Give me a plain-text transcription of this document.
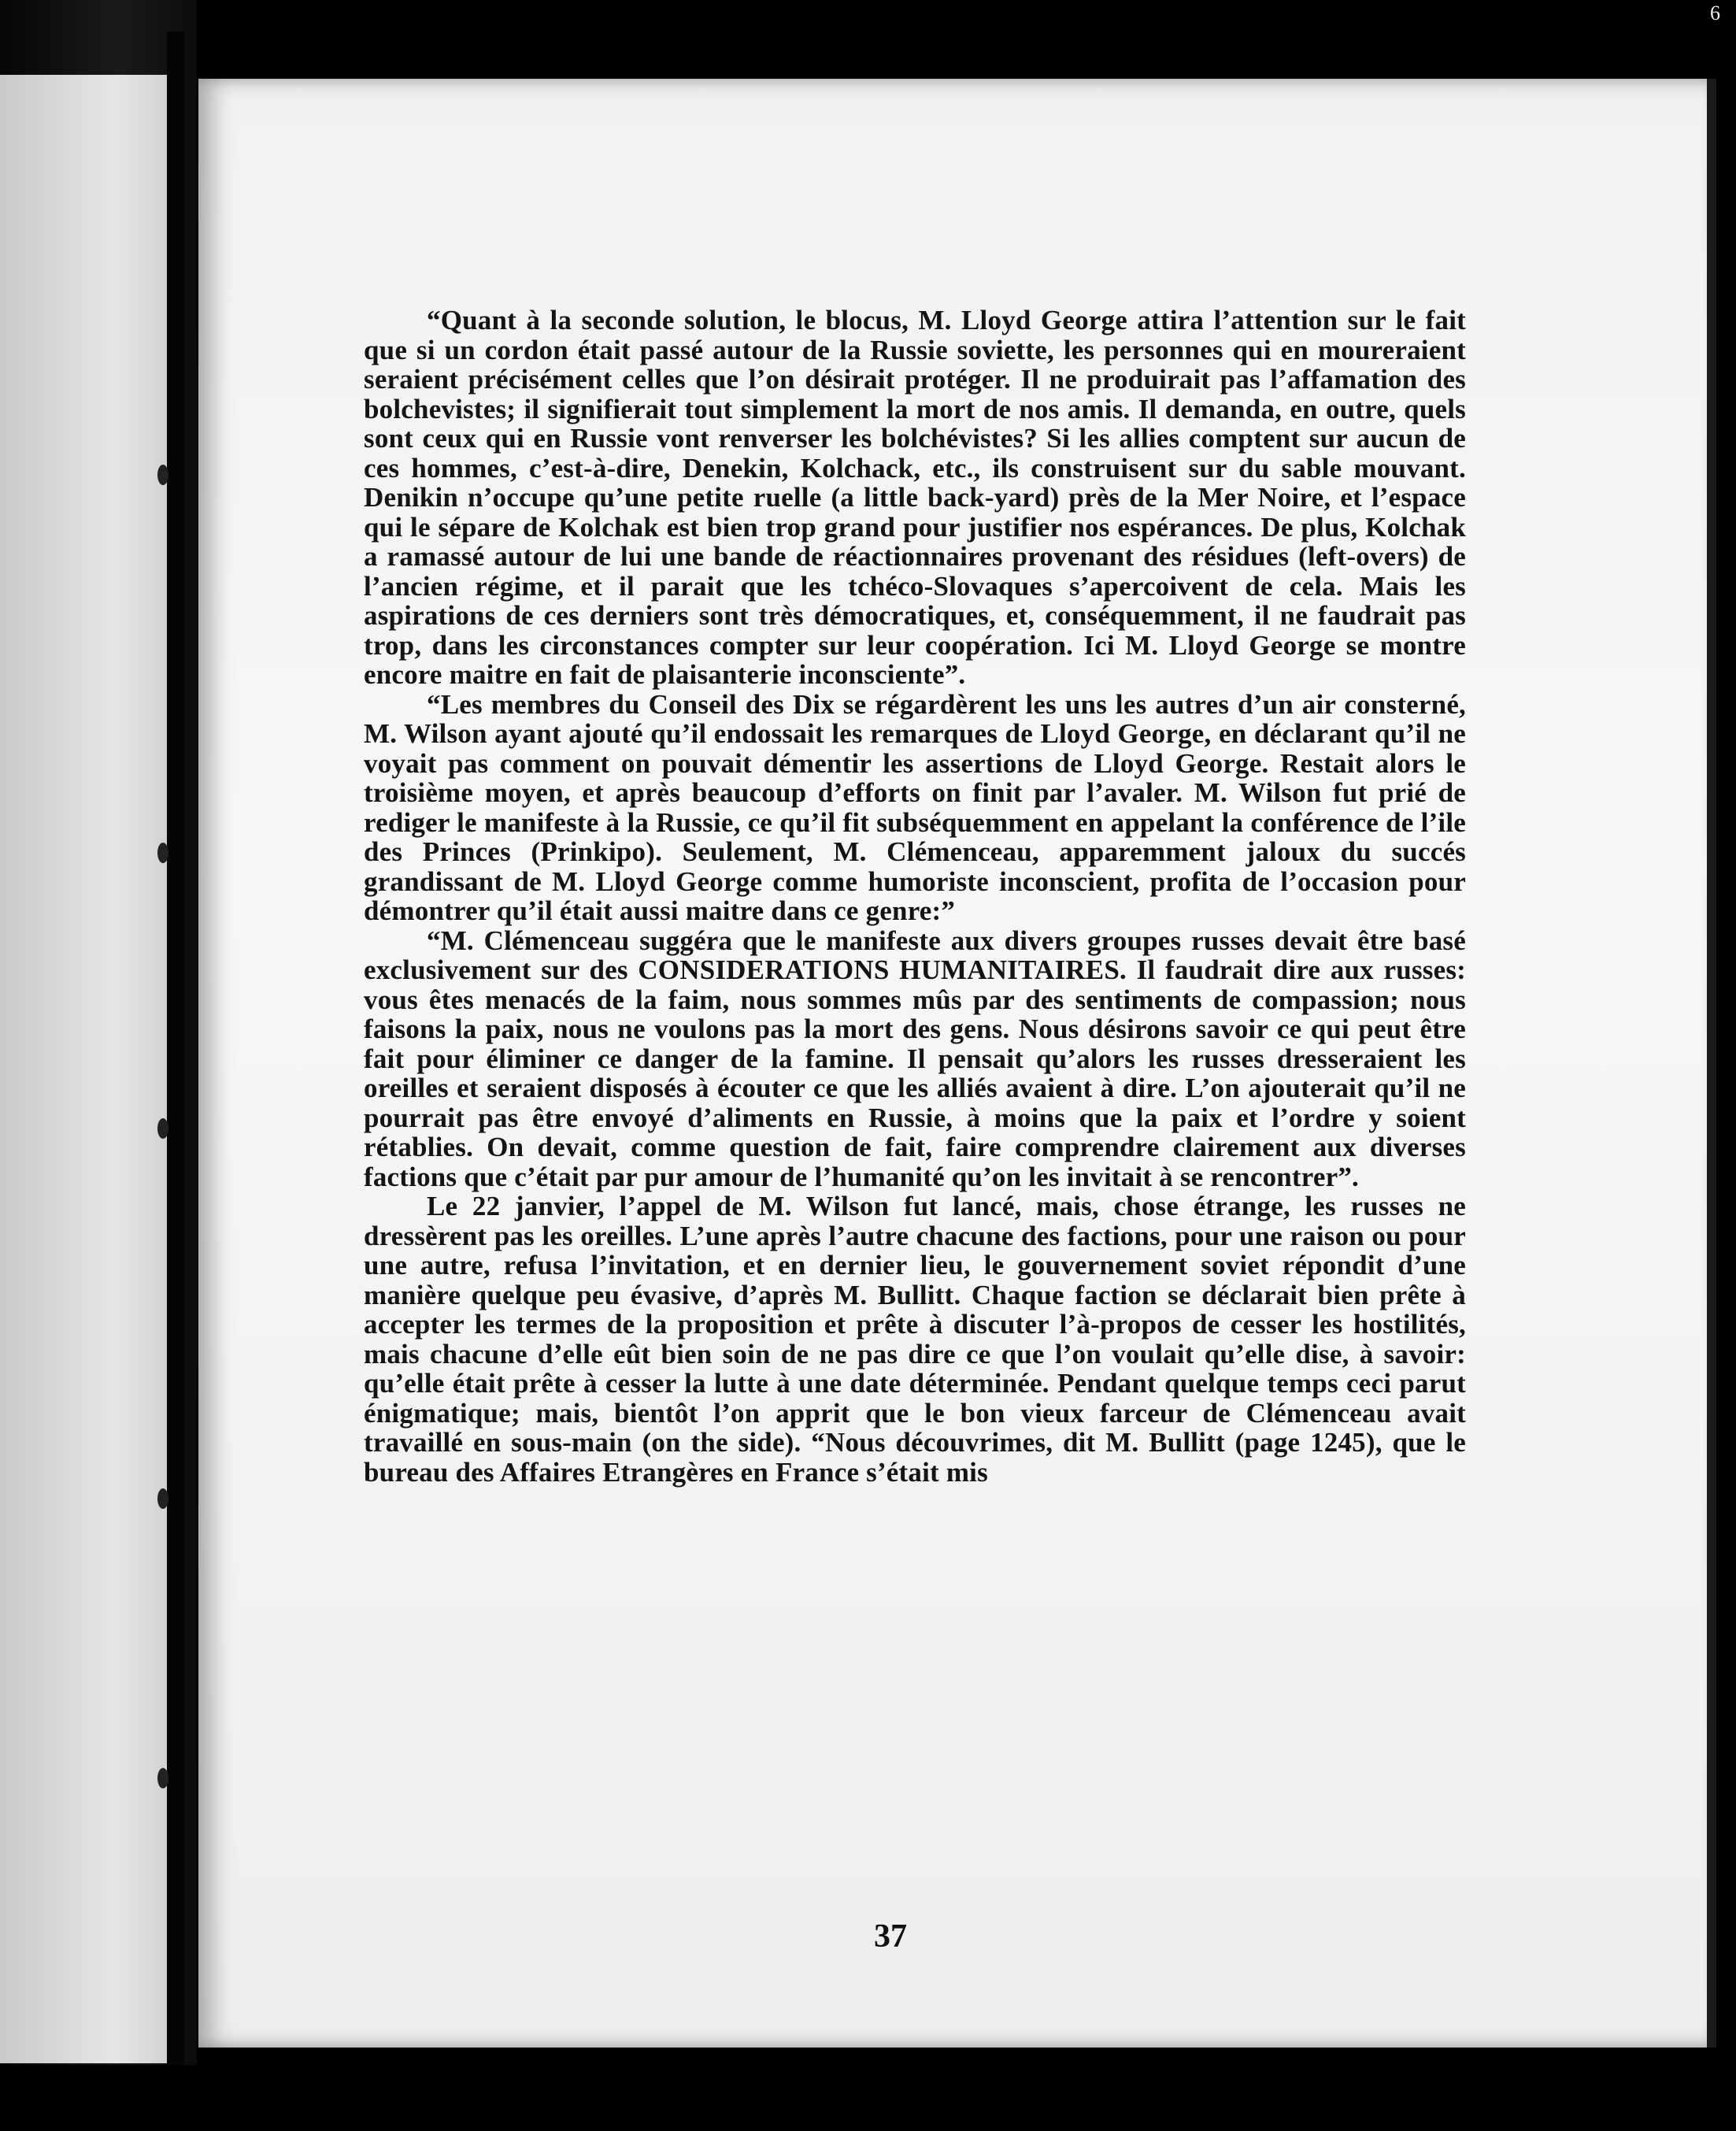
6

“Quant à la seconde solution, le blocus, M. Lloyd George attira l’attention sur le fait que si un cordon était passé autour de la Russie soviette, les personnes qui en moureraient seraient précisément celles que l’on désirait protéger. Il ne produirait pas l’affamation des bolchevistes; il signifierait tout simplement la mort de nos amis. Il demanda, en outre, quels sont ceux qui en Russie vont renverser les bolchévistes? Si les allies comptent sur aucun de ces hommes, c’est-à-dire, Denekin, Kolchack, etc., ils construisent sur du sable mouvant. Denikin n’occupe qu’une petite ruelle (a little back-yard) près de la Mer Noire, et l’espace qui le sépare de Kolchak est bien trop grand pour justifier nos espérances. De plus, Kolchak a ramassé autour de lui une bande de réactionnaires provenant des résidues (left-overs) de l’ancien régime, et il parait que les tchéco-Slovaques s’apercoivent de cela. Mais les aspirations de ces derniers sont très démocratiques, et, conséquemment, il ne faudrait pas trop, dans les circonstances compter sur leur coopération. Ici M. Lloyd George se montre encore maitre en fait de plaisanterie inconsciente”.

“Les membres du Conseil des Dix se régardèrent les uns les autres d’un air consterné, M. Wilson ayant ajouté qu’il endossait les remarques de Lloyd George, en déclarant qu’il ne voyait pas comment on pouvait démentir les assertions de Lloyd George. Restait alors le troisième moyen, et après beaucoup d’efforts on finit par l’avaler. M. Wilson fut prié de rediger le manifeste à la Russie, ce qu’il fit subséquemment en appelant la conférence de l’ile des Princes (Prinkipo). Seulement, M. Clémenceau, apparemment jaloux du succés grandissant de M. Lloyd George comme humoriste inconscient, profita de l’occasion pour démontrer qu’il était aussi maitre dans ce genre:”

“M. Clémenceau suggéra que le manifeste aux divers groupes russes devait être basé exclusivement sur des CONSIDERATIONS HUMANITAIRES. Il faudrait dire aux russes: vous êtes menacés de la faim, nous sommes mûs par des sentiments de compassion; nous faisons la paix, nous ne voulons pas la mort des gens. Nous désirons savoir ce qui peut être fait pour éliminer ce danger de la famine. Il pensait qu’alors les russes dresseraient les oreilles et seraient disposés à écouter ce que les alliés avaient à dire. L’on ajouterait qu’il ne pourrait pas être envoyé d’aliments en Russie, à moins que la paix et l’ordre y soient rétablies. On devait, comme question de fait, faire comprendre clairement aux diverses factions que c’était par pur amour de l’humanité qu’on les invitait à se rencontrer”.

Le 22 janvier, l’appel de M. Wilson fut lancé, mais, chose étrange, les russes ne dressèrent pas les oreilles. L’une après l’autre chacune des factions, pour une raison ou pour une autre, refusa l’invitation, et en dernier lieu, le gouvernement soviet répondit d’une manière quelque peu évasive, d’après M. Bullitt. Chaque faction se déclarait bien prête à accepter les termes de la proposition et prête à discuter l’à-propos de cesser les hostilités, mais chacune d’elle eût bien soin de ne pas dire ce que l’on voulait qu’elle dise, à savoir: qu’elle était prête à cesser la lutte à une date déterminée. Pendant quelque temps ceci parut énigmatique; mais, bientôt l’on apprit que le bon vieux farceur de Clémenceau avait travaillé en sous-main (on the side). “Nous découvrimes, dit M. Bullitt (page 1245), que le bureau des Affaires Etrangères en France s’était mis

37
